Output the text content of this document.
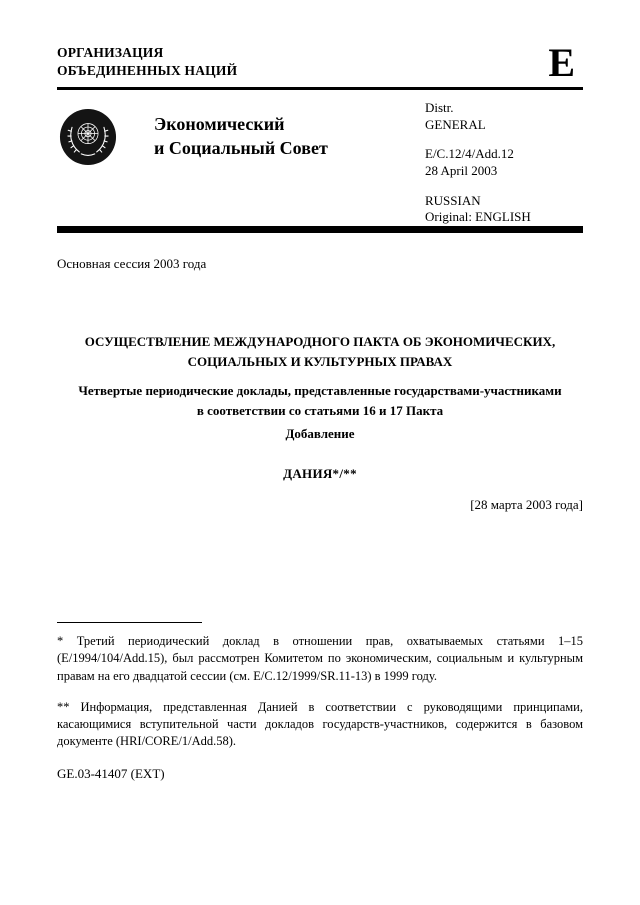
ОРГАНИЗАЦИЯ
ОБЪЕДИНЕННЫХ НАЦИЙ	E
Экономический
и Социальный Совет
Distr.
GENERAL
E/C.12/4/Add.12
28 April 2003
RUSSIAN
Original: ENGLISH
Основная сессия 2003 года
ОСУЩЕСТВЛЕНИЕ МЕЖДУНАРОДНОГО ПАКТА ОБ ЭКОНОМИЧЕСКИХ,
СОЦИАЛЬНЫХ И КУЛЬТУРНЫХ ПРАВАХ
Четвертые периодические доклады, представленные государствами-участниками
в соответствии со статьями 16 и 17 Пакта
Добавление
ДАНИЯ*/**
[28 марта 2003 года]

* Третий периодический доклад в отношении прав, охватываемых статьями 1–15 (E/1994/104/Add.15), был рассмотрен Комитетом по экономическим, социальным и культурным правам на его двадцатой сессии (см. E/C.12/1999/SR.11-13) в 1999 году.

** Информация, представленная Данией в соответствии с руководящими принципами, касающимися вступительной части докладов государств-участников, содержится в базовом документе (HRI/CORE/1/Add.58).

GE.03-41407 (EXT)
